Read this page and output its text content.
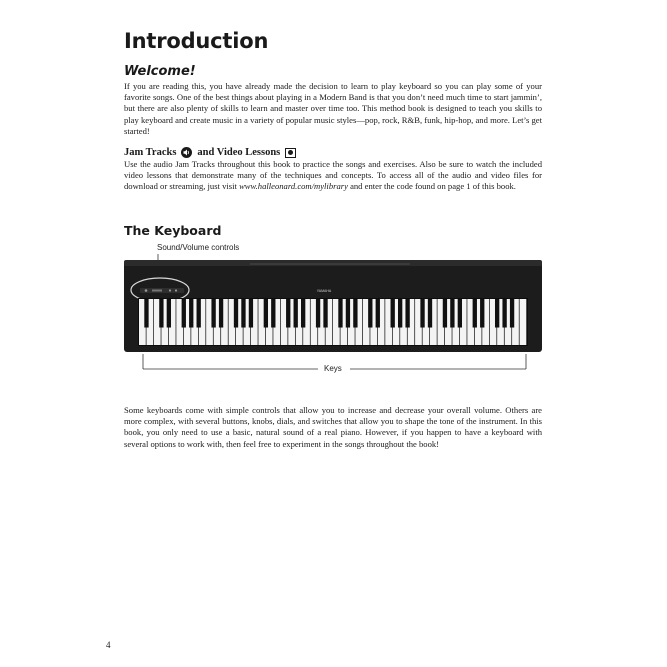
Introduction
Welcome!

If you are reading this, you have already made the decision to learn to play keyboard so you can play some of your favorite songs. One of the best things about playing in a Modern Band is that you don’t need much time to start jammin’, but there are also plenty of skills to learn and master over time too. This method book is designed to teach you skills to play keyboard and create music in a variety of popular music styles—pop, rock, R&B, funk, hip-hop, and more. Let’s get started!

Jam Tracks and Video Lessons

Use the audio Jam Tracks throughout this book to practice the songs and exercises. Also be sure to watch the included video lessons that demonstrate many of the techniques and concepts. To access all of the audio and video files for download or streaming, just visit www.halleonard.com/mylibrary and enter the code found on page 1 of this book.

The Keyboard
Sound/Volume controls
YAMAHA
Keys

Some keyboards come with simple controls that allow you to increase and decrease your overall volume. Others are more complex, with several buttons, knobs, dials, and switches that allow you to shape the tone of the instrument. In this book, you only need to use a basic, natural sound of a real piano. However, if you happen to have a keyboard with several options to work with, then feel free to experiment in the songs throughout the book!

4
